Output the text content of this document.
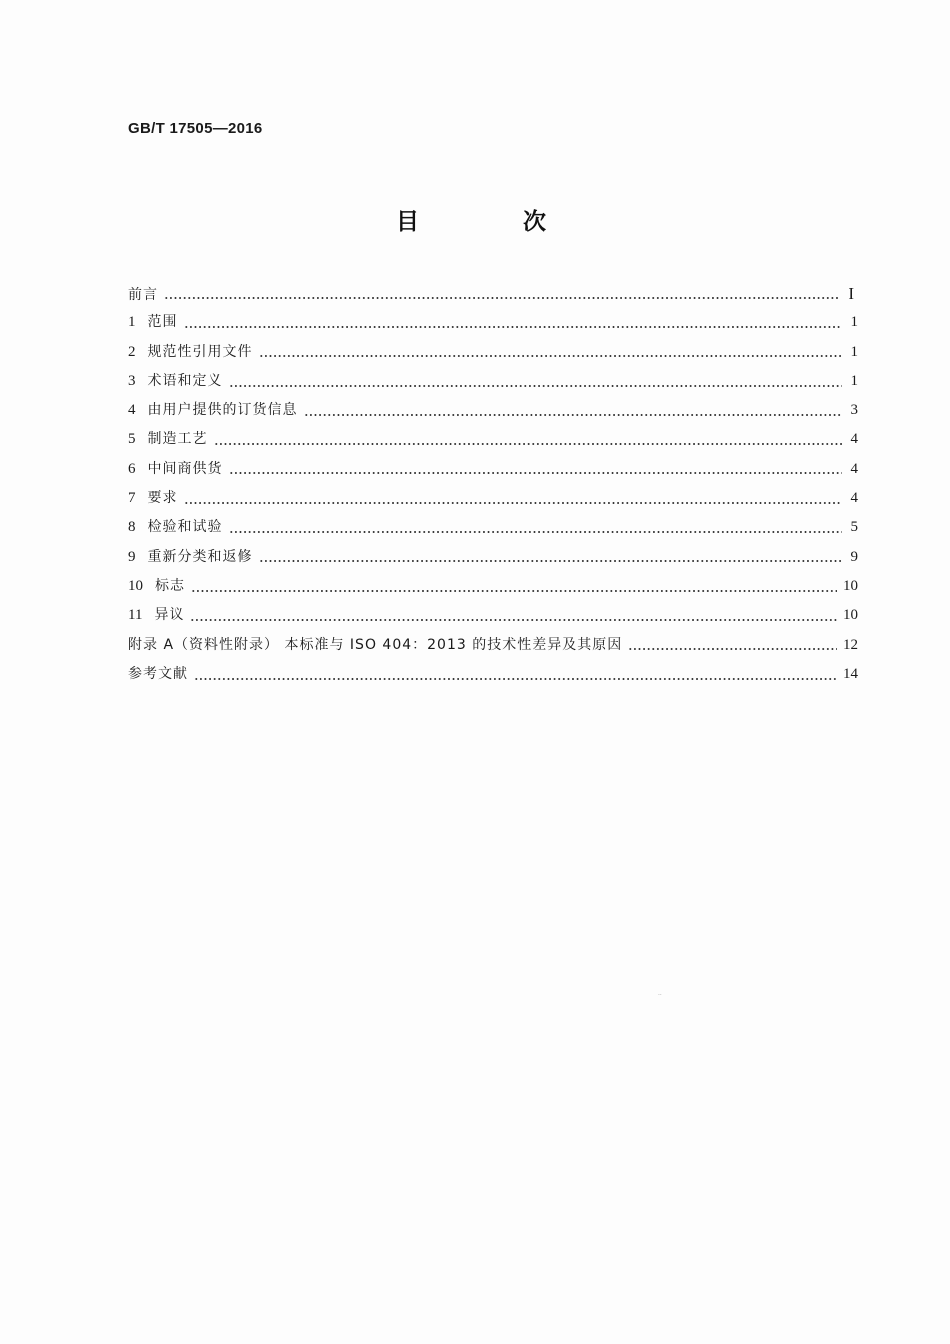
GB/T 17505—2016
目 次
前言	I
1 范围	1
2 规范性引用文件	1
3 术语和定义	1
4 由用户提供的订货信息	3
5 制造工艺	4
6 中间商供货	4
7 要求	4
8 检验和试验	5
9 重新分类和返修	9
10 标志	10
11 异议	10
附录 A（资料性附录） 本标准与 ISO 404：2013 的技术性差异及其原因	12
参考文献	14
··
